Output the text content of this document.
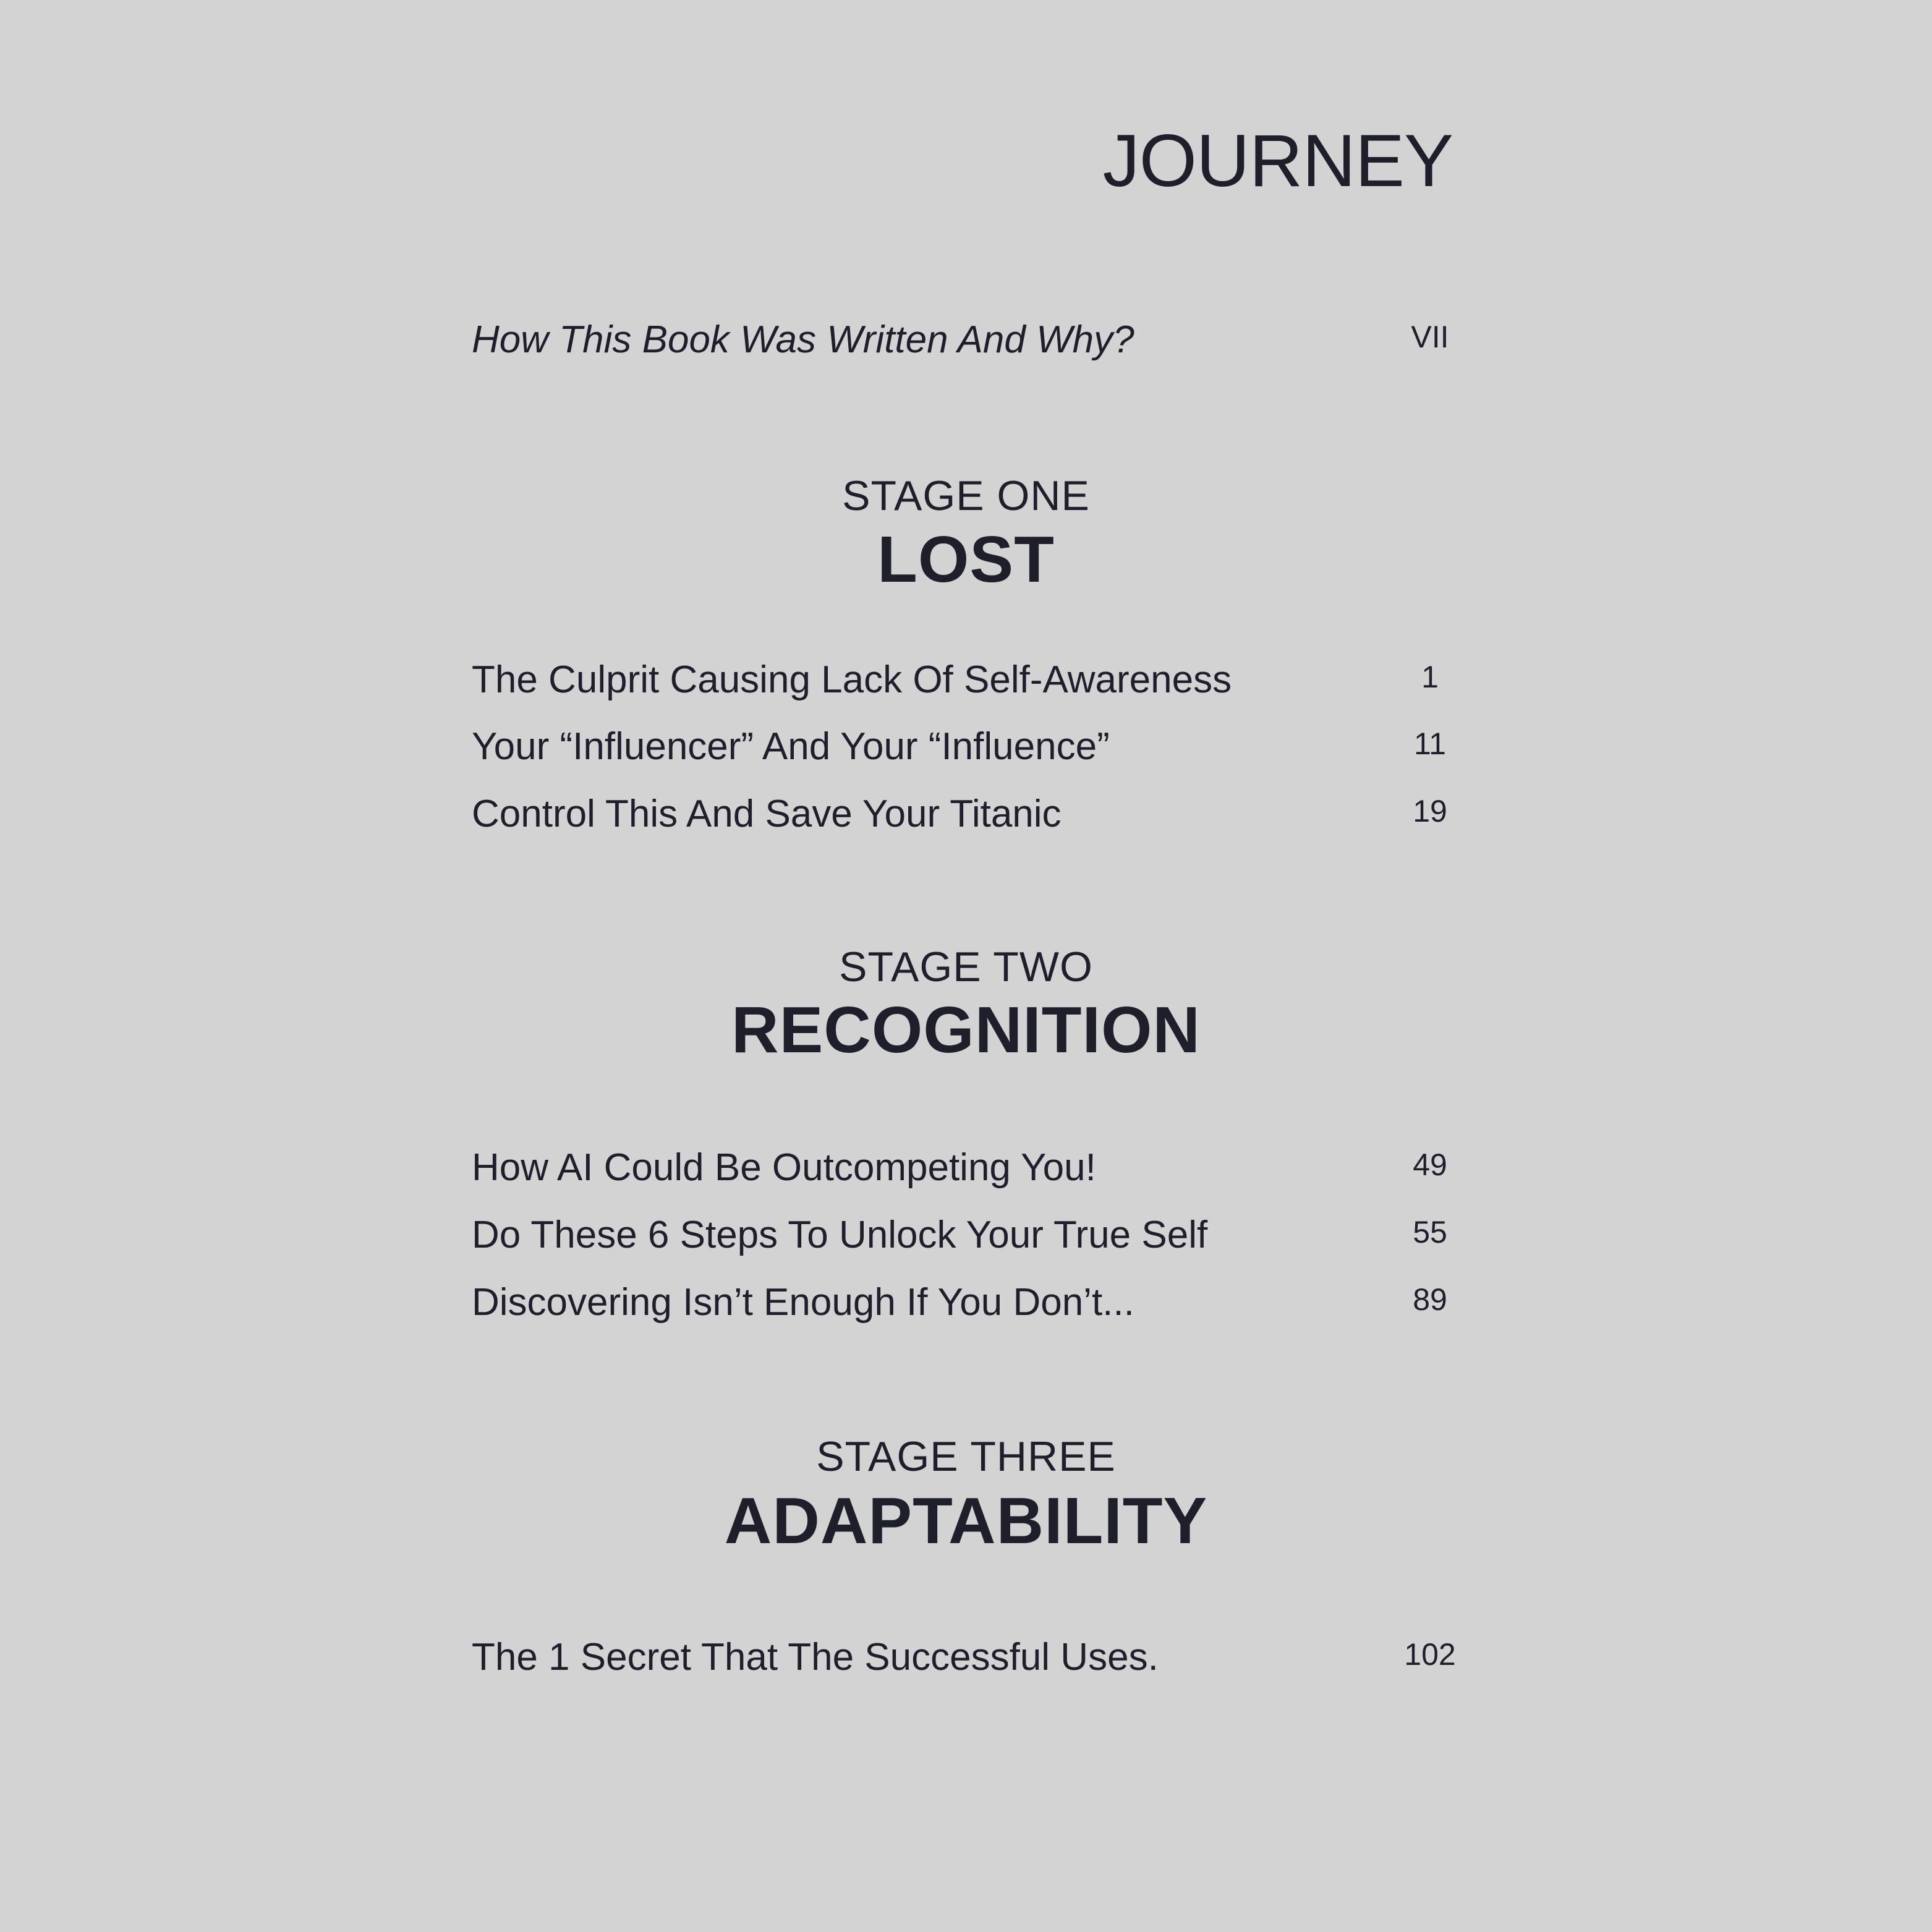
JOURNEY
How This Book Was Written And Why?	VII
STAGE ONE
LOST
The Culprit Causing Lack Of Self-Awareness	1
Your “Influencer” And Your “Influence”	11
Control This And Save Your Titanic	19
STAGE TWO
RECOGNITION
How AI Could Be Outcompeting You!	49
Do These 6 Steps To Unlock Your True Self	55
Discovering Isn’t Enough If You Don’t...	89
STAGE THREE
ADAPTABILITY
The 1 Secret That The Successful Uses.	102
